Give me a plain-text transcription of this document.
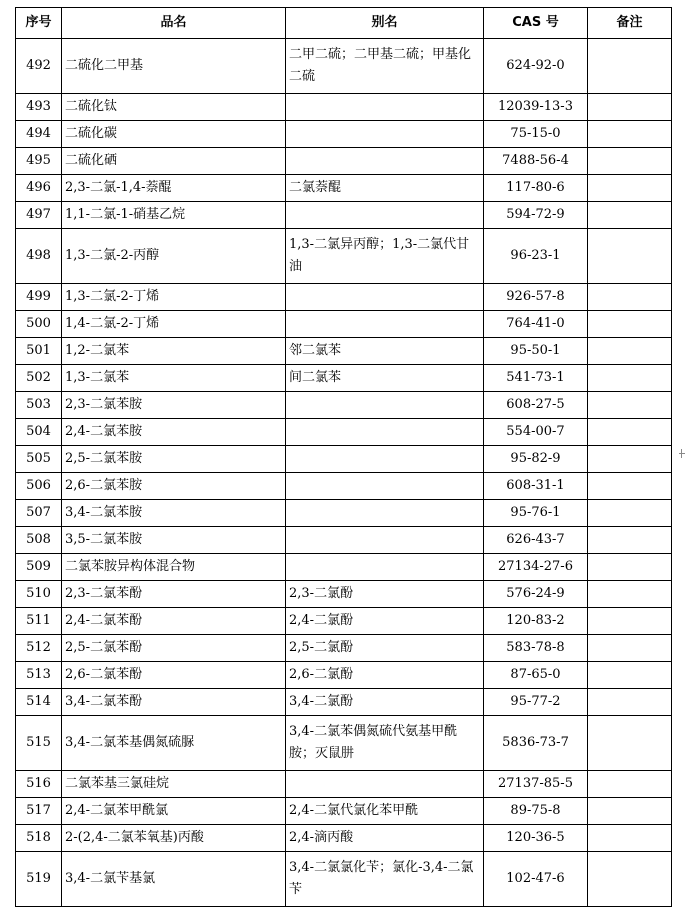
序号	品名	别名	CAS 号	备注
492	二硫化二甲基	二甲二硫；二甲基二硫；甲基化二硫	624-92-0	
493	二硫化钛		12039-13-3	
494	二硫化碳		75-15-0	
495	二硫化硒		7488-56-4	
496	2,3-二氯-1,4-萘醌	二氯萘醌	117-80-6	
497	1,1-二氯-1-硝基乙烷		594-72-9	
498	1,3-二氯-2-丙醇	1,3-二氯异丙醇；1,3-二氯代甘油	96-23-1	
499	1,3-二氯-2-丁烯		926-57-8	
500	1,4-二氯-2-丁烯		764-41-0	
501	1,2-二氯苯	邻二氯苯	95-50-1	
502	1,3-二氯苯	间二氯苯	541-73-1	
503	2,3-二氯苯胺		608-27-5	
504	2,4-二氯苯胺		554-00-7	
505	2,5-二氯苯胺		95-82-9	
506	2,6-二氯苯胺		608-31-1	
507	3,4-二氯苯胺		95-76-1	
508	3,5-二氯苯胺		626-43-7	
509	二氯苯胺异构体混合物		27134-27-6	
510	2,3-二氯苯酚	2,3-二氯酚	576-24-9	
511	2,4-二氯苯酚	2,4-二氯酚	120-83-2	
512	2,5-二氯苯酚	2,5-二氯酚	583-78-8	
513	2,6-二氯苯酚	2,6-二氯酚	87-65-0	
514	3,4-二氯苯酚	3,4-二氯酚	95-77-2	
515	3,4-二氯苯基偶氮硫脲	3,4-二氯苯偶氮硫代氨基甲酰胺；灭鼠肼	5836-73-7	
516	二氯苯基三氯硅烷		27137-85-5	
517	2,4-二氯苯甲酰氯	2,4-二氯代氯化苯甲酰	89-75-8	
518	2-(2,4-二氯苯氧基)丙酸	2,4-滴丙酸	120-36-5	
519	3,4-二氯苄基氯	3,4-二氯氯化苄；氯化-3,4-二氯苄	102-47-6	
